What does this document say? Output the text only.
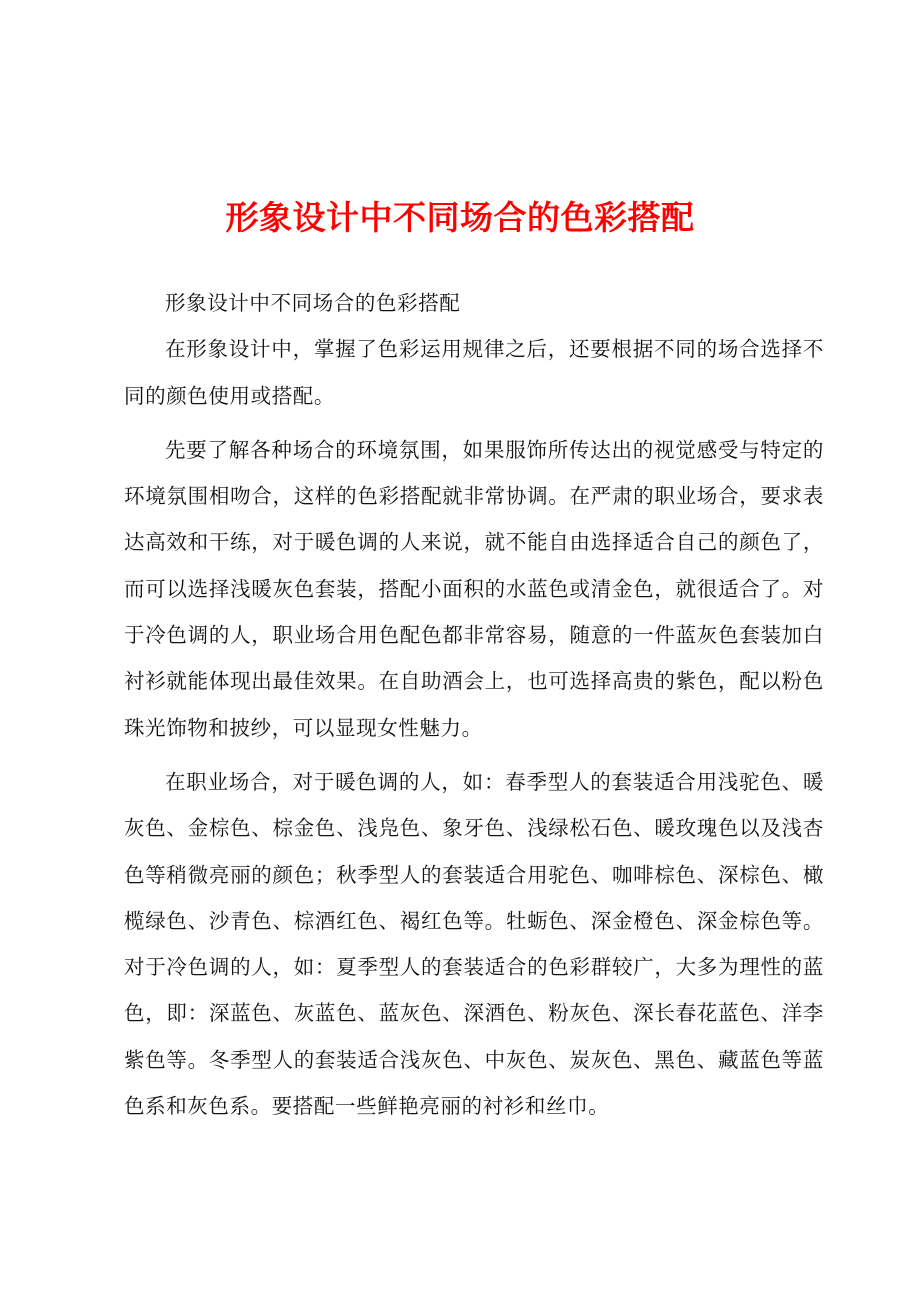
形象设计中不同场合的色彩搭配

形象设计中不同场合的色彩搭配

在形象设计中，掌握了色彩运用规律之后，还要根据不同的场合选择不同的颜色使用或搭配。

先要了解各种场合的环境氛围，如果服饰所传达出的视觉感受与特定的环境氛围相吻合，这样的色彩搭配就非常协调。在严肃的职业场合，要求表达高效和干练，对于暖色调的人来说，就不能自由选择适合自己的颜色了，而可以选择浅暖灰色套装，搭配小面积的水蓝色或清金色，就很适合了。对于冷色调的人，职业场合用色配色都非常容易，随意的一件蓝灰色套装加白衬衫就能体现出最佳效果。在自助酒会上，也可选择高贵的紫色，配以粉色珠光饰物和披纱，可以显现女性魅力。

在职业场合，对于暖色调的人，如：春季型人的套装适合用浅驼色、暖灰色、金棕色、棕金色、浅凫色、象牙色、浅绿松石色、暖玫瑰色以及浅杏色等稍微亮丽的颜色；秋季型人的套装适合用驼色、咖啡棕色、深棕色、橄榄绿色、沙青色、棕酒红色、褐红色等。牡蛎色、深金橙色、深金棕色等。对于冷色调的人，如：夏季型人的套装适合的色彩群较广，大多为理性的蓝色，即：深蓝色、灰蓝色、蓝灰色、深酒色、粉灰色、深长春花蓝色、洋李紫色等。冬季型人的套装适合浅灰色、中灰色、炭灰色、黑色、藏蓝色等蓝色系和灰色系。要搭配一些鲜艳亮丽的衬衫和丝巾。
